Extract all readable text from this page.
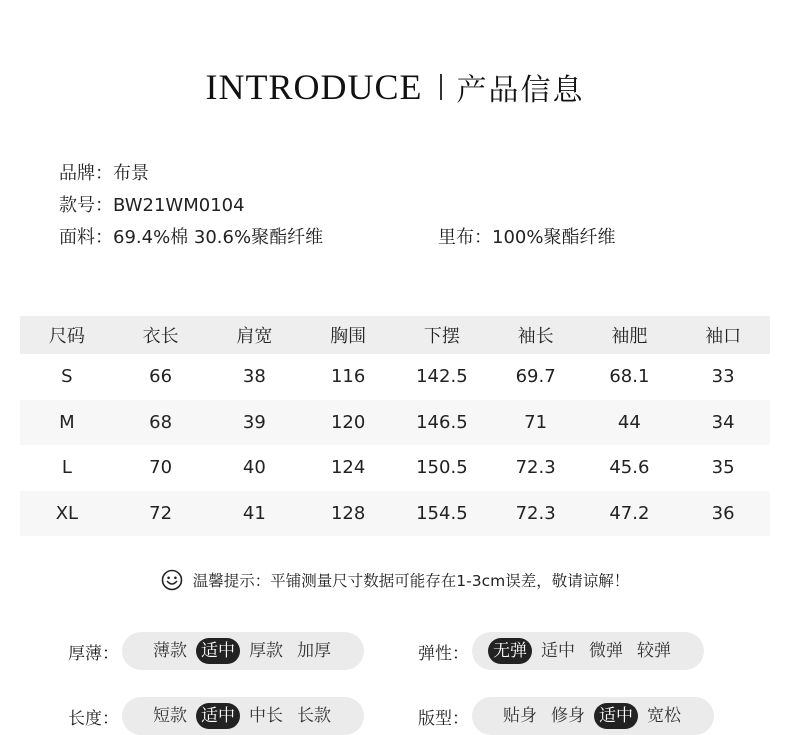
INTRODUCE 产品信息
品牌：布景
款号：BW21WM0104
面料：69.4%棉 30.6%聚酯纤维	里布：100%聚酯纤维
尺码	衣长	肩宽	胸围	下摆	袖长	袖肥	袖口
S	66	38	116	142.5	69.7	68.1	33
M	68	39	120	146.5	71	44	34
L	70	40	124	150.5	72.3	45.6	35
XL	72	41	128	154.5	72.3	47.2	36
温馨提示：平铺测量尺寸数据可能存在1-3cm误差，敬请谅解！
厚薄： 薄款 适中 厚款 加厚	弹性： 无弹 适中 微弹 较弹
长度： 短款 适中 中长 长款	版型： 贴身 修身 适中 宽松
